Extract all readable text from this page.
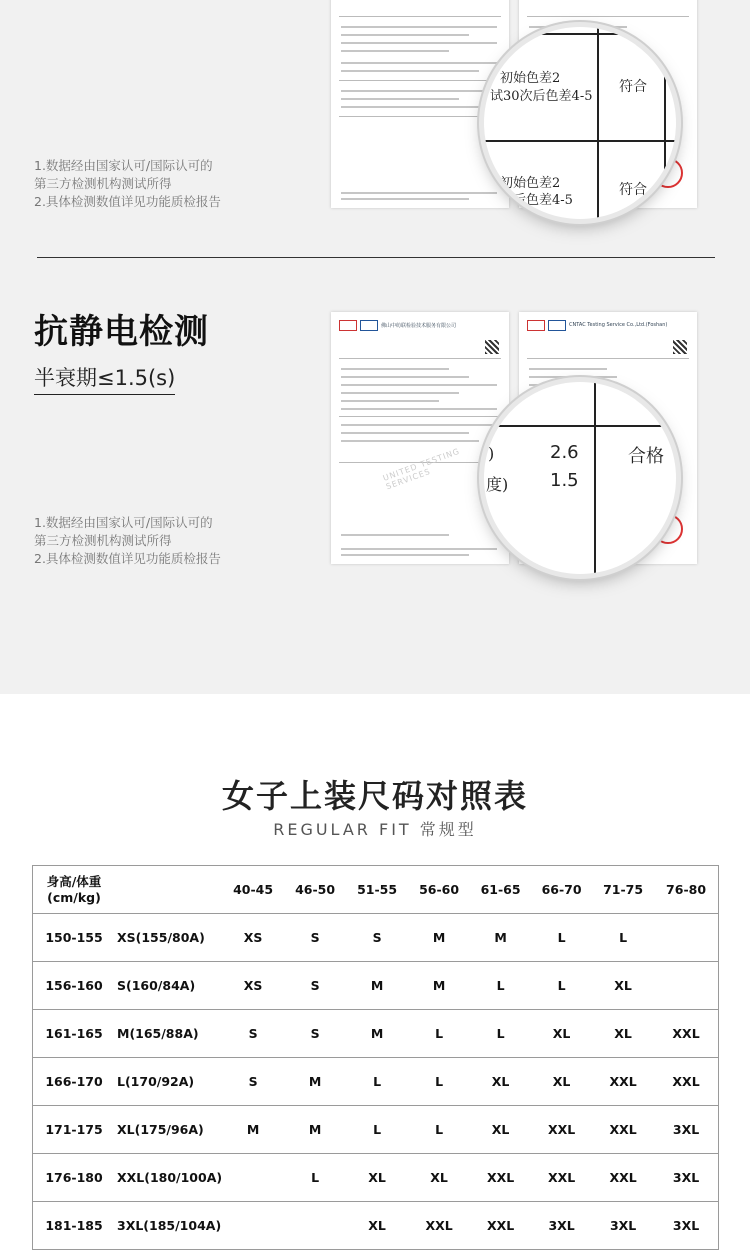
★
初始色差2
试30次后色差4-5
符合
初始色差2
次后色差4-5
符合
1.数据经由国家认可/国际认可的
第三方检测机构测试所得
2.具体检测数值详见功能质检报告
抗静电检测
半衰期≤1.5(s)
佛山中纺联检验技术服务有限公司
UNITED TESTING SERVICES
CNTAC Testing Service Co.,Ltd.(Foshan)
★
)
度)
2.6
1.5
合格
1.数据经由国家认可/国际认可的
第三方检测机构测试所得
2.具体检测数值详见功能质检报告
女子上装尺码对照表
REGULAR FIT 常规型
身高/体重
(cm/kg)		40-45	46-50	51-55	56-60	61-65	66-70	71-75	76-80
150-155	XS(155/80A)	XS	S	S	M	M	L	L	
156-160	S(160/84A)	XS	S	M	M	L	L	XL	
161-165	M(165/88A)	S	S	M	L	L	XL	XL	XXL
166-170	L(170/92A)	S	M	L	L	XL	XL	XXL	XXL
171-175	XL(175/96A)	M	M	L	L	XL	XXL	XXL	3XL
176-180	XXL(180/100A)		L	XL	XL	XXL	XXL	XXL	3XL
181-185	3XL(185/104A)			XL	XXL	XXL	3XL	3XL	3XL
